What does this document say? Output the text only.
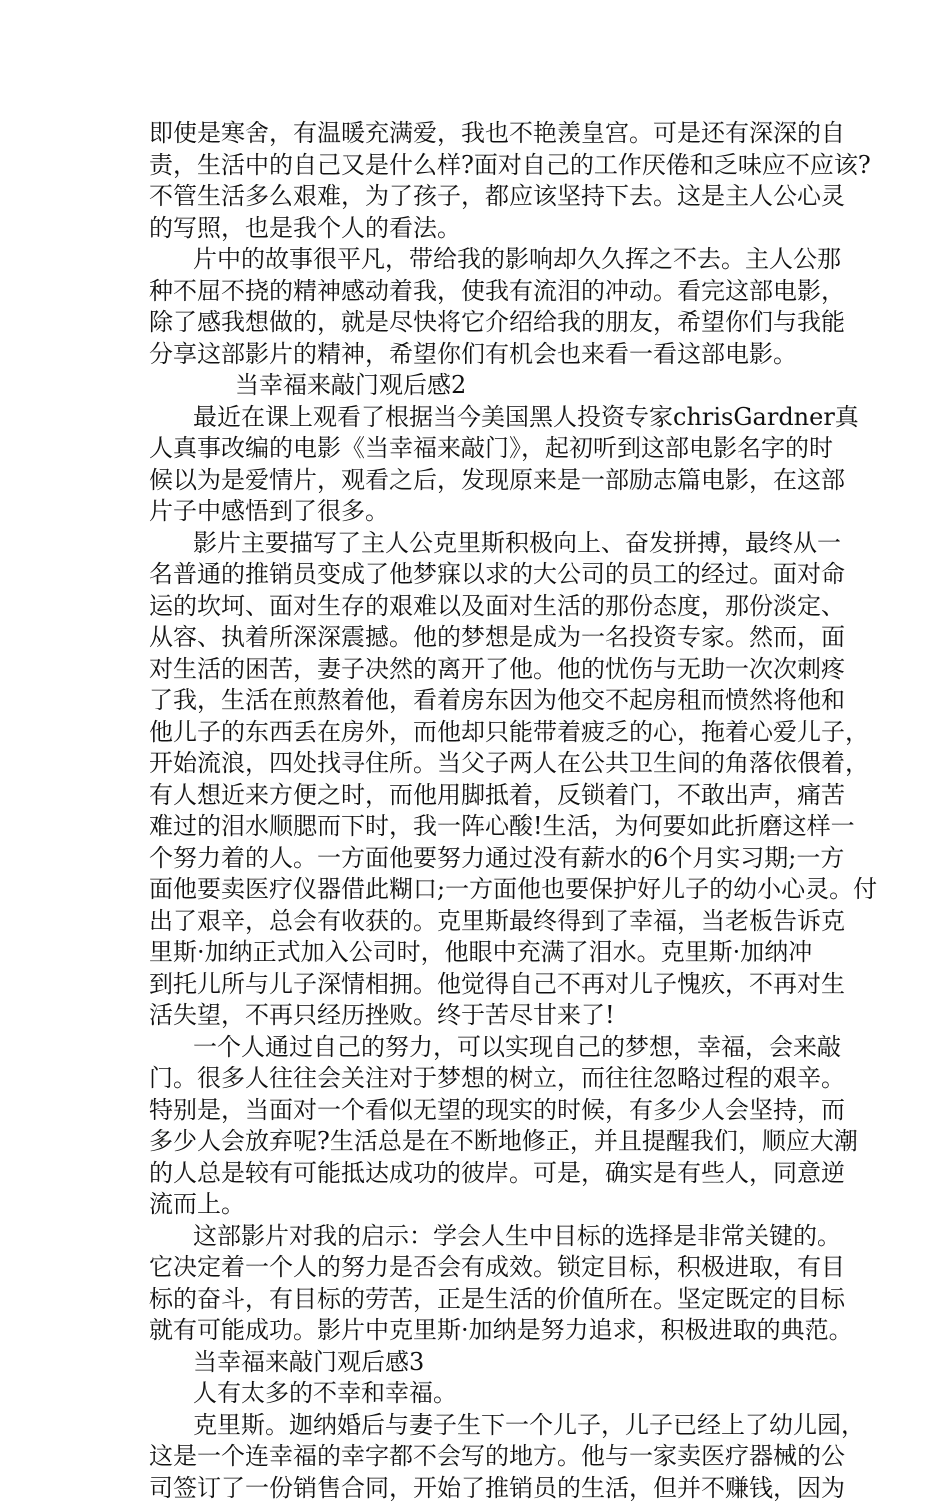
即使是寒舍，有温暖充满爱，我也不艳羡皇宫。可是还有深深的自
责，生活中的自己又是什么样?面对自己的工作厌倦和乏味应不应该?
不管生活多么艰难，为了孩子，都应该坚持下去。这是主人公心灵
的写照，也是我个人的看法。
片中的故事很平凡，带给我的影响却久久挥之不去。主人公那
种不屈不挠的精神感动着我，使我有流泪的冲动。看完这部电影，
除了感我想做的，就是尽快将它介绍给我的朋友，希望你们与我能
分享这部影片的精神，希望你们有机会也来看一看这部电影。
当幸福来敲门观后感2
最近在课上观看了根据当今美国黑人投资专家chrisGardner真
人真事改编的电影《当幸福来敲门》，起初听到这部电影名字的时
候以为是爱情片，观看之后，发现原来是一部励志篇电影，在这部
片子中感悟到了很多。
影片主要描写了主人公克里斯积极向上、奋发拼搏，最终从一
名普通的推销员变成了他梦寐以求的大公司的员工的经过。面对命
运的坎坷、面对生存的艰难以及面对生活的那份态度，那份淡定、
从容、执着所深深震撼。他的梦想是成为一名投资专家。然而，面
对生活的困苦，妻子决然的离开了他。他的忧伤与无助一次次刺疼
了我，生活在煎熬着他，看着房东因为他交不起房租而愤然将他和
他儿子的东西丢在房外，而他却只能带着疲乏的心，拖着心爱儿子，
开始流浪，四处找寻住所。当父子两人在公共卫生间的角落依偎着，
有人想近来方便之时，而他用脚抵着，反锁着门，不敢出声，痛苦
难过的泪水顺腮而下时，我一阵心酸!生活，为何要如此折磨这样一
个努力着的人。一方面他要努力通过没有薪水的6个月实习期;一方
面他要卖医疗仪器借此糊口;一方面他也要保护好儿子的幼小心灵。付
出了艰辛，总会有收获的。克里斯最终得到了幸福，当老板告诉克
里斯·加纳正式加入公司时，他眼中充满了泪水。克里斯·加纳冲
到托儿所与儿子深情相拥。他觉得自己不再对儿子愧疚，不再对生
活失望，不再只经历挫败。终于苦尽甘来了!
一个人通过自己的努力，可以实现自己的梦想，幸福，会来敲
门。很多人往往会关注对于梦想的树立，而往往忽略过程的艰辛。
特别是，当面对一个看似无望的现实的时候，有多少人会坚持，而
多少人会放弃呢?生活总是在不断地修正，并且提醒我们，顺应大潮
的人总是较有可能抵达成功的彼岸。可是，确实是有些人，同意逆
流而上。
这部影片对我的启示：学会人生中目标的选择是非常关键的。
它决定着一个人的努力是否会有成效。锁定目标，积极进取，有目
标的奋斗，有目标的劳苦，正是生活的价值所在。坚定既定的目标
就有可能成功。影片中克里斯·加纳是努力追求，积极进取的典范。
当幸福来敲门观后感3
人有太多的不幸和幸福。
克里斯。迦纳婚后与妻子生下一个儿子，儿子已经上了幼儿园，
这是一个连幸福的幸字都不会写的地方。他与一家卖医疗器械的公
司签订了一份销售合同，开始了推销员的生活，但并不赚钱，因为
